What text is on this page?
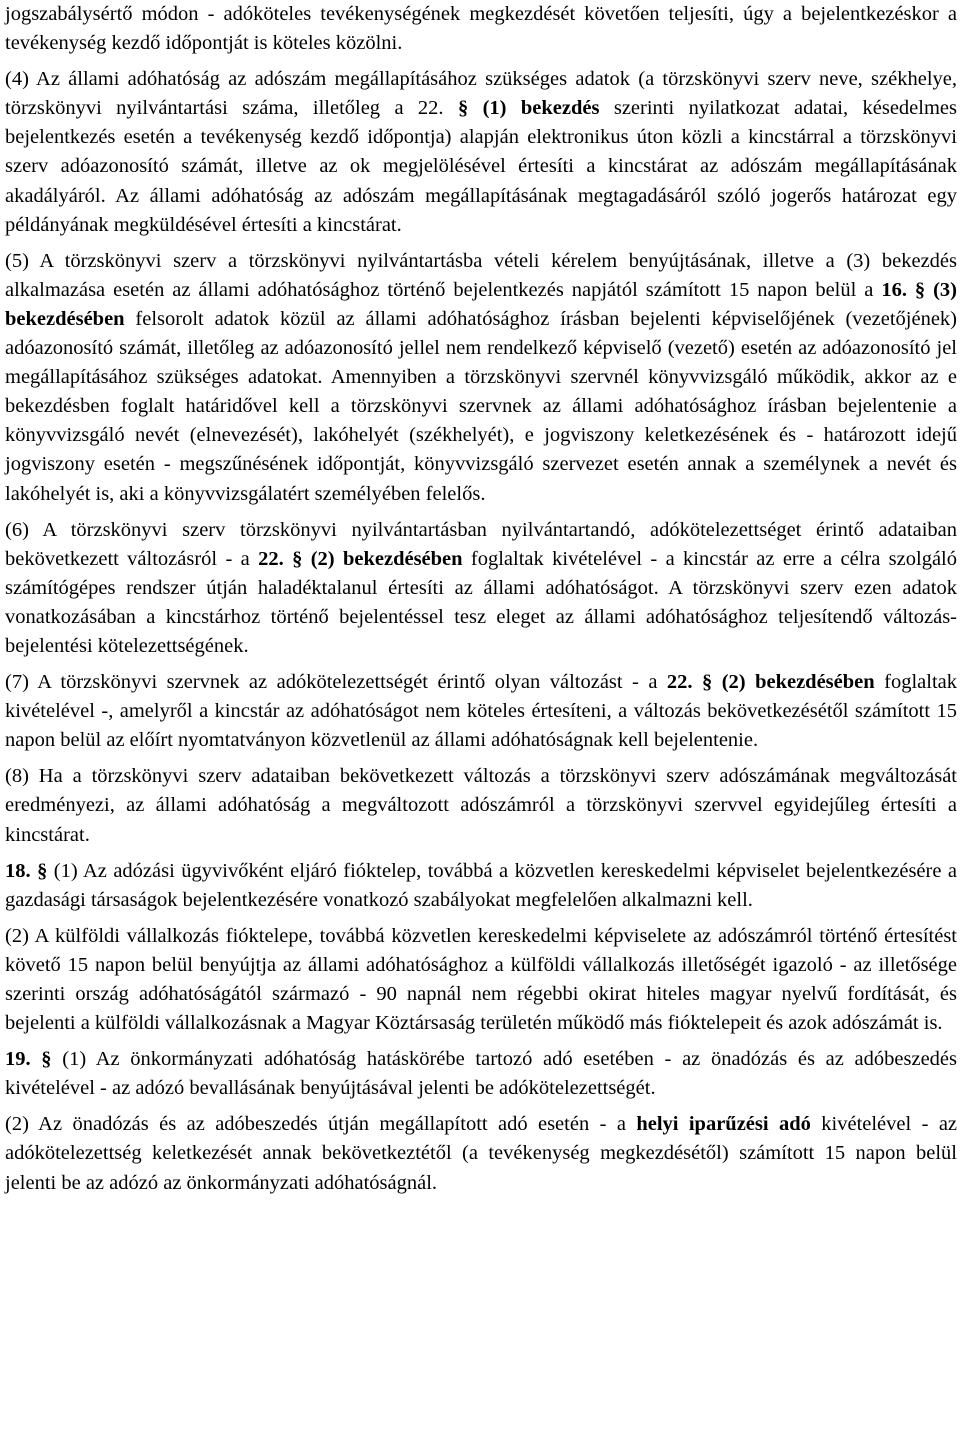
jogszabálysértő módon - adóköteles tevékenységének megkezdését követően teljesíti, úgy a bejelentkezéskor a tevékenység kezdő időpontját is köteles közölni.

(4) Az állami adóhatóság az adószám megállapításához szükséges adatok (a törzskönyvi szerv neve, székhelye, törzskönyvi nyilvántartási száma, illetőleg a 22. § (1) bekezdés szerinti nyilatkozat adatai, késedelmes bejelentkezés esetén a tevékenység kezdő időpontja) alapján elektronikus úton közli a kincstárral a törzskönyvi szerv adóazonosító számát, illetve az ok megjelölésével értesíti a kincstárat az adószám megállapításának akadályáról. Az állami adóhatóság az adószám megállapításának megtagadásáról szóló jogerős határozat egy példányának megküldésével értesíti a kincstárat.

(5) A törzskönyvi szerv a törzskönyvi nyilvántartásba vételi kérelem benyújtásának, illetve a (3) bekezdés alkalmazása esetén az állami adóhatósághoz történő bejelentkezés napjától számított 15 napon belül a 16. § (3) bekezdésében felsorolt adatok közül az állami adóhatósághoz írásban bejelenti képviselőjének (vezetőjének) adóazonosító számát, illetőleg az adóazonosító jellel nem rendelkező képviselő (vezető) esetén az adóazonosító jel megállapításához szükséges adatokat. Amennyiben a törzskönyvi szervnél könyvvizsgáló működik, akkor az e bekezdésben foglalt határidővel kell a törzskönyvi szervnek az állami adóhatósághoz írásban bejelentenie a könyvvizsgáló nevét (elnevezését), lakóhelyét (székhelyét), e jogviszony keletkezésének és - határozott idejű jogviszony esetén - megszűnésének időpontját, könyvvizsgáló szervezet esetén annak a személynek a nevét és lakóhelyét is, aki a könyvvizsgálatért személyében felelős.

(6) A törzskönyvi szerv törzskönyvi nyilvántartásban nyilvántartandó, adókötelezettséget érintő adataiban bekövetkezett változásról - a 22. § (2) bekezdésében foglaltak kivételével - a kincstár az erre a célra szolgáló számítógépes rendszer útján haladéktalanul értesíti az állami adóhatóságot. A törzskönyvi szerv ezen adatok vonatkozásában a kincstárhoz történő bejelentéssel tesz eleget az állami adóhatósághoz teljesítendő változás-bejelentési kötelezettségének.

(7) A törzskönyvi szervnek az adókötelezettségét érintő olyan változást - a 22. § (2) bekezdésében foglaltak kivételével -, amelyről a kincstár az adóhatóságot nem köteles értesíteni, a változás bekövetkezésétől számított 15 napon belül az előírt nyomtatványon közvetlenül az állami adóhatóságnak kell bejelentenie.

(8) Ha a törzskönyvi szerv adataiban bekövetkezett változás a törzskönyvi szerv adószámának megváltozását eredményezi, az állami adóhatóság a megváltozott adószámról a törzskönyvi szervvel egyidejűleg értesíti a kincstárat.

18. § (1) Az adózási ügyvivőként eljáró fióktelep, továbbá a közvetlen kereskedelmi képviselet bejelentkezésére a gazdasági társaságok bejelentkezésére vonatkozó szabályokat megfelelően alkalmazni kell.

(2) A külföldi vállalkozás fióktelepe, továbbá közvetlen kereskedelmi képviselete az adószámról történő értesítést követő 15 napon belül benyújtja az állami adóhatósághoz a külföldi vállalkozás illetőségét igazoló - az illetősége szerinti ország adóhatóságától származó - 90 napnál nem régebbi okirat hiteles magyar nyelvű fordítását, és bejelenti a külföldi vállalkozásnak a Magyar Köztársaság területén működő más fióktelepeit és azok adószámát is.

19. § (1) Az önkormányzati adóhatóság hatáskörébe tartozó adó esetében - az önadózás és az adóbeszedés kivételével - az adózó bevallásának benyújtásával jelenti be adókötelezettségét.

(2) Az önadózás és az adóbeszedés útján megállapított adó esetén - a helyi iparűzési adó kivételével - az adókötelezettség keletkezését annak bekövetkeztétől (a tevékenység megkezdésétől) számított 15 napon belül jelenti be az adózó az önkormányzati adóhatóságnál.
